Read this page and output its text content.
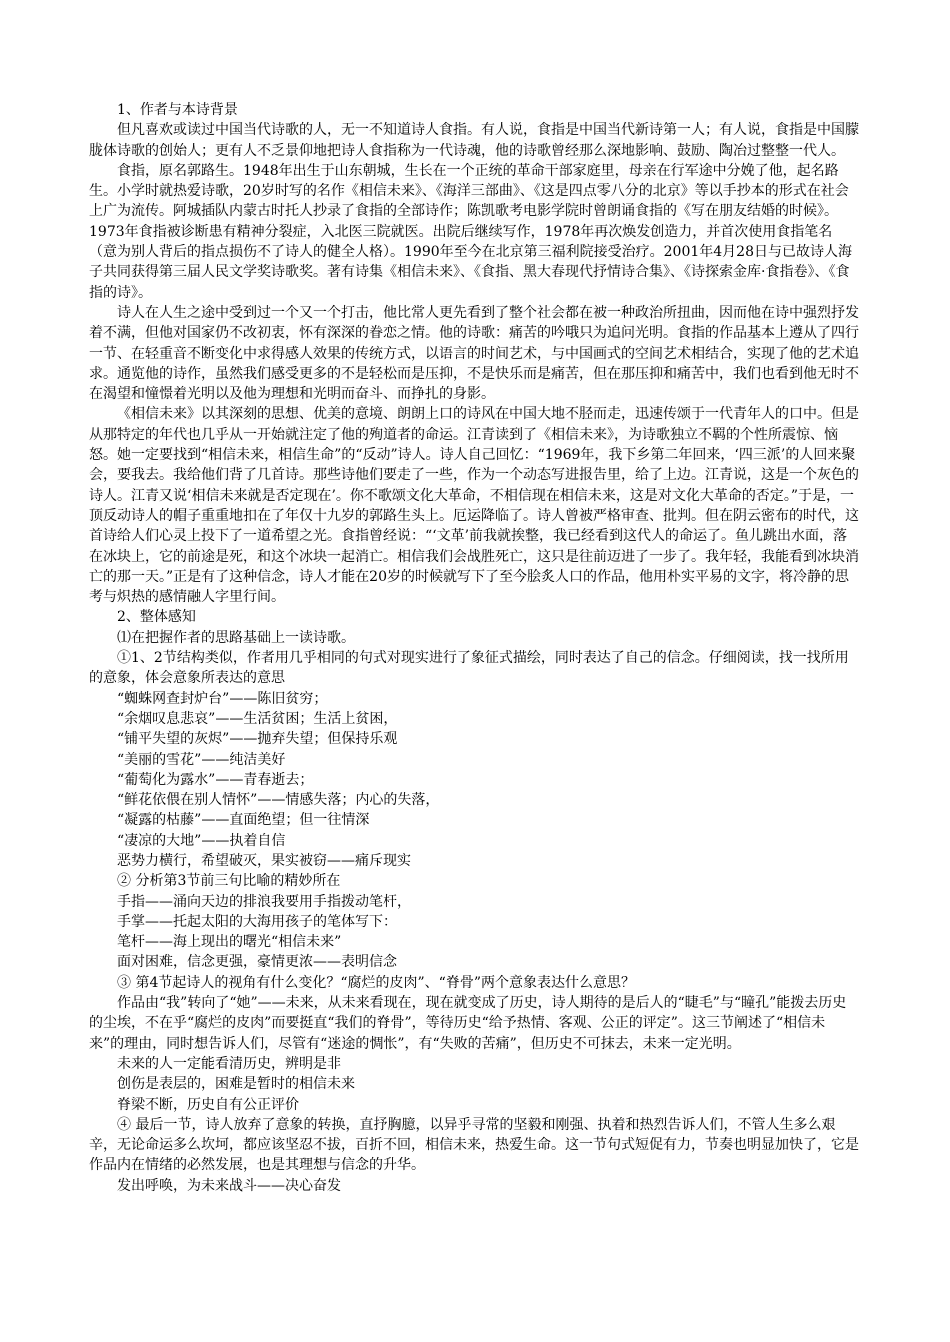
1、作者与本诗背景

但凡喜欢或读过中国当代诗歌的人，无一不知道诗人食指。有人说，食指是中国当代新诗第一人；有人说，食指是中国朦胧体诗歌的创始人；更有人不乏景仰地把诗人食指称为一代诗魂，他的诗歌曾经那么深地影响、鼓励、陶冶过整整一代人。

食指，原名郭路生。1948年出生于山东朝城，生长在一个正统的革命干部家庭里，母亲在行军途中分娩了他，起名路生。小学时就热爱诗歌，20岁时写的名作《相信未来》、《海洋三部曲》、《这是四点零八分的北京》等以手抄本的形式在社会上广为流传。阿城插队内蒙古时托人抄录了食指的全部诗作；陈凯歌考电影学院时曾朗诵食指的《写在朋友结婚的时候》。1973年食指被诊断患有精神分裂症，入北医三院就医。出院后继续写作，1978年再次焕发创造力，并首次使用食指笔名（意为别人背后的指点损伤不了诗人的健全人格）。1990年至今在北京第三福利院接受治疗。2001年4月28日与已故诗人海子共同获得第三届人民文学奖诗歌奖。著有诗集《相信未来》、《食指、黑大春现代抒情诗合集》、《诗探索金库·食指卷》、《食指的诗》。

诗人在人生之途中受到过一个又一个打击，他比常人更先看到了整个社会都在被一种政治所扭曲，因而他在诗中强烈抒发着不满，但他对国家仍不改初衷，怀有深深的眷恋之情。他的诗歌：痛苦的吟哦只为追问光明。食指的作品基本上遵从了四行一节、在轻重音不断变化中求得感人效果的传统方式，以语言的时间艺术，与中国画式的空间艺术相结合，实现了他的艺术追求。通览他的诗作，虽然我们感受更多的不是轻松而是压抑，不是快乐而是痛苦，但在那压抑和痛苦中，我们也看到他无时不在渴望和憧憬着光明以及他为理想和光明而奋斗、而挣扎的身影。

《相信未来》以其深刻的思想、优美的意境、朗朗上口的诗风在中国大地不胫而走，迅速传颂于一代青年人的口中。但是从那特定的年代也几乎从一开始就注定了他的殉道者的命运。江青读到了《相信未来》，为诗歌独立不羁的个性所震惊、恼怒。她一定要找到“相信未来，相信生命”的“反动”诗人。诗人自己回忆：“1969年，我下乡第二年回来，‘四三派’的人回来聚会，要我去。我给他们背了几首诗。那些诗他们要走了一些，作为一个动态写进报告里，给了上边。江青说，这是一个灰色的诗人。江青又说‘相信未来就是否定现在’。你不歌颂文化大革命，不相信现在相信未来，这是对文化大革命的否定。”于是，一顶反动诗人的帽子重重地扣在了年仅十九岁的郭路生头上。厄运降临了。诗人曾被严格审查、批判。但在阴云密布的时代，这首诗给人们心灵上投下了一道希望之光。食指曾经说：“‘文革’前我就挨整，我已经看到这代人的命运了。鱼儿跳出水面，落在冰块上，它的前途是死，和这个冰块一起消亡。相信我们会战胜死亡，这只是往前迈进了一步了。我年轻，我能看到冰块消亡的那一天。”正是有了这种信念，诗人才能在20岁的时候就写下了至今脍炙人口的作品，他用朴实平易的文字，将冷静的思考与炽热的感情融人字里行间。

2、整体感知

⑴在把握作者的思路基础上一读诗歌。

①1、2节结构类似，作者用几乎相同的句式对现实进行了象征式描绘，同时表达了自己的信念。仔细阅读，找一找所用的意象，体会意象所表达的意思

“蜘蛛网查封炉台”——陈旧贫穷；

“余烟叹息悲哀”——生活贫困；生活上贫困，

“铺平失望的灰烬”——抛弃失望；但保持乐观

“美丽的雪花”——纯洁美好

“葡萄化为露水”——青春逝去；

“鲜花依偎在别人情怀”——情感失落；内心的失落，

“凝露的枯藤”——直面绝望；但一往情深

“凄凉的大地”——执着自信

恶势力横行，希望破灭，果实被窃——痛斥现实

② 分析第3节前三句比喻的精妙所在

手指——涌向天边的排浪我要用手指拨动笔杆，

手掌——托起太阳的大海用孩子的笔体写下：

笔杆——海上现出的曙光“相信未来”

面对困难，信念更强，豪情更浓——表明信念

③ 第4节起诗人的视角有什么变化？“腐烂的皮肉”、“脊骨”两个意象表达什么意思？

作品由“我”转向了“她”——未来，从未来看现在，现在就变成了历史，诗人期待的是后人的“睫毛”与“瞳孔”能拨去历史的尘埃，不在乎“腐烂的皮肉”而要挺直“我们的脊骨”，等待历史“给予热情、客观、公正的评定”。这三节阐述了“相信未来”的理由，同时想告诉人们，尽管有“迷途的惆怅”，有“失败的苦痛”，但历史不可抹去，未来一定光明。

未来的人一定能看清历史，辨明是非

创伤是表层的，困难是暂时的相信未来

脊梁不断，历史自有公正评价

④ 最后一节，诗人放弃了意象的转换，直抒胸臆，以异乎寻常的坚毅和刚强、执着和热烈告诉人们，不管人生多么艰辛，无论命运多么坎坷，都应该坚忍不拔，百折不回，相信未来，热爱生命。这一节句式短促有力，节奏也明显加快了，它是作品内在情绪的必然发展，也是其理想与信念的升华。

发出呼唤，为未来战斗——决心奋发
